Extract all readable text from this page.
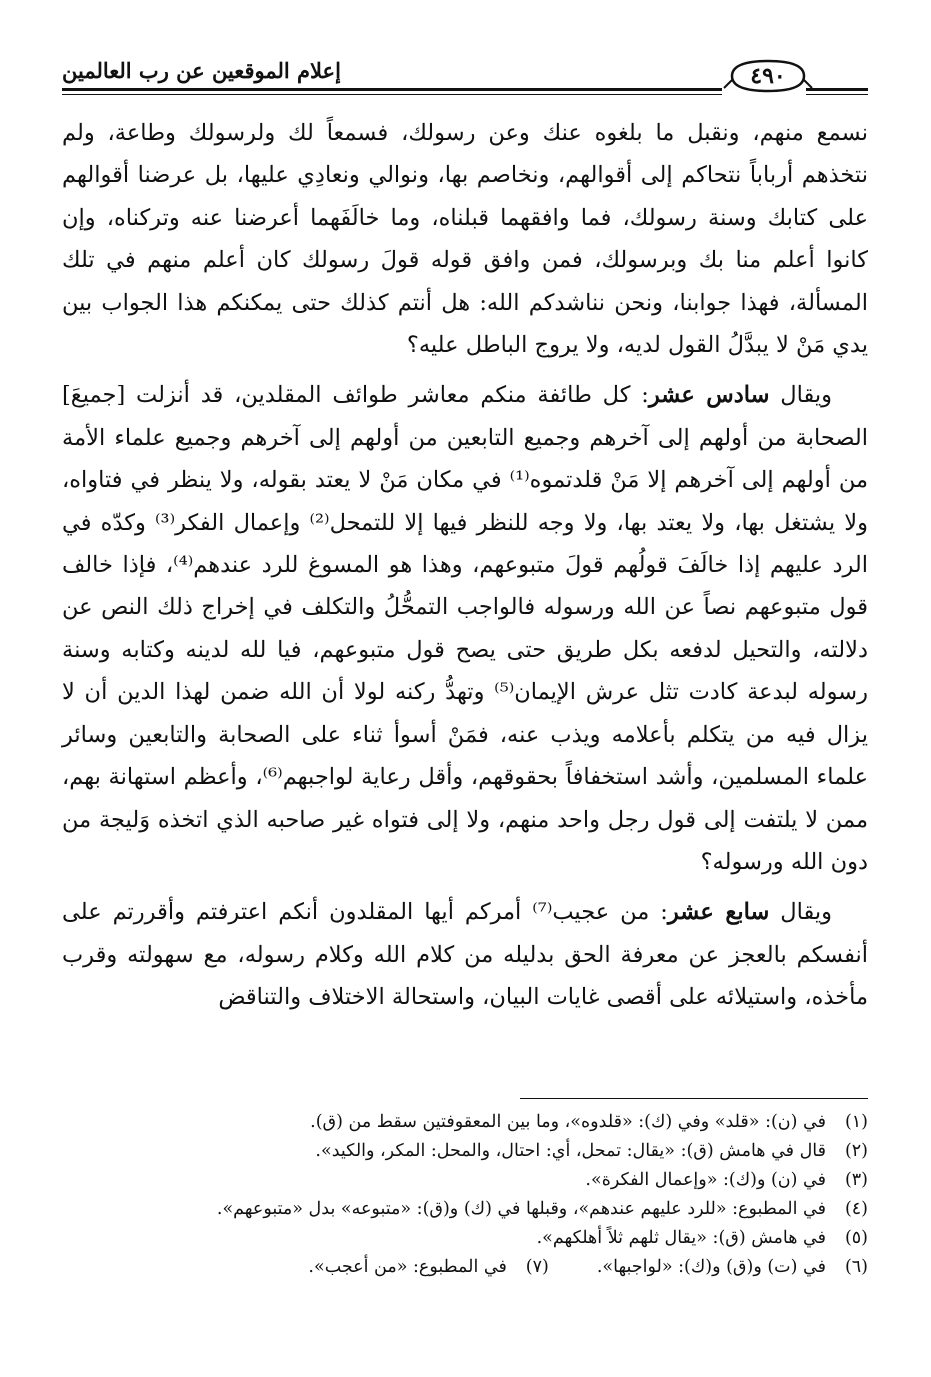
إعلام الموقعين عن رب العالمين	٤٩٠

نسمع منهم، ونقبل ما بلغوه عنك وعن رسولك، فسمعاً لك ولرسولك وطاعة، ولم نتخذهم أرباباً نتحاكم إلى أقوالهم، ونخاصم بها، ونوالي ونعادِي عليها، بل عرضنا أقوالهم على كتابك وسنة رسولك، فما وافقهما قبلناه، وما خالَفَهما أعرضنا عنه وتركناه، وإن كانوا أعلم منا بك وبرسولك، فمن وافق قوله قولَ رسولك كان أعلم منهم في تلك المسألة، فهذا جوابنا، ونحن نناشدكم الله: هل أنتم كذلك حتى يمكنكم هذا الجواب بين يدي مَنْ لا يبدَّلُ القول لديه، ولا يروج الباطل عليه؟

ويقال سادس عشر: كل طائفة منكم معاشر طوائف المقلدين، قد أنزلت [جميعَ] الصحابة من أولهم إلى آخرهم وجميع التابعين من أولهم إلى آخرهم وجميع علماء الأمة من أولهم إلى آخرهم إلا مَنْ قلدتموه⁽¹⁾ في مكان مَنْ لا يعتد بقوله، ولا ينظر في فتاواه، ولا يشتغل بها، ولا يعتد بها، ولا وجه للنظر فيها إلا للتمحل⁽²⁾ وإعمال الفكر⁽³⁾ وكدّه في الرد عليهم إذا خالَفَ قولُهم قولَ متبوعهم، وهذا هو المسوغ للرد عندهم⁽⁴⁾، فإذا خالف قول متبوعهم نصاً عن الله ورسوله فالواجب التمحُّلُ والتكلف في إخراج ذلك النص عن دلالته، والتحيل لدفعه بكل طريق حتى يصح قول متبوعهم، فيا لله لدينه وكتابه وسنة رسوله لبدعة كادت تثل عرش الإيمان⁽⁵⁾ وتهدُّ ركنه لولا أن الله ضمن لهذا الدين أن لا يزال فيه من يتكلم بأعلامه ويذب عنه، فمَنْ أسوأ ثناء على الصحابة والتابعين وسائر علماء المسلمين، وأشد استخفافاً بحقوقهم، وأقل رعاية لواجبهم⁽⁶⁾، وأعظم استهانة بهم، ممن لا يلتفت إلى قول رجل واحد منهم، ولا إلى فتواه غير صاحبه الذي اتخذه وَليجة من دون الله ورسوله؟

ويقال سابع عشر: من عجيب⁽⁷⁾ أمركم أيها المقلدون أنكم اعترفتم وأقررتم على أنفسكم بالعجز عن معرفة الحق بدليله من كلام الله وكلام رسوله، مع سهولته وقرب مأخذه، واستيلائه على أقصى غايات البيان، واستحالة الاختلاف والتناقض

(١)
في (ن): «قلد» وفي (ك): «قلدوه»، وما بين المعقوفتين سقط من (ق).
(٢)
قال في هامش (ق): «يقال: تمحل، أي: احتال، والمحل: المكر، والكيد».
(٣)
في (ن) و(ك): «وإعمال الفكرة».
(٤)
في المطبوع: «للرد عليهم عندهم»، وقبلها في (ك) و(ق): «متبوعه» بدل «متبوعهم».
(٥)
في هامش (ق): «يقال ثلهم ثلاً أهلكهم».
(٦)
في (ت) و(ق) و(ك): «لواجبها».
(٧)
في المطبوع: «من أعجب».
